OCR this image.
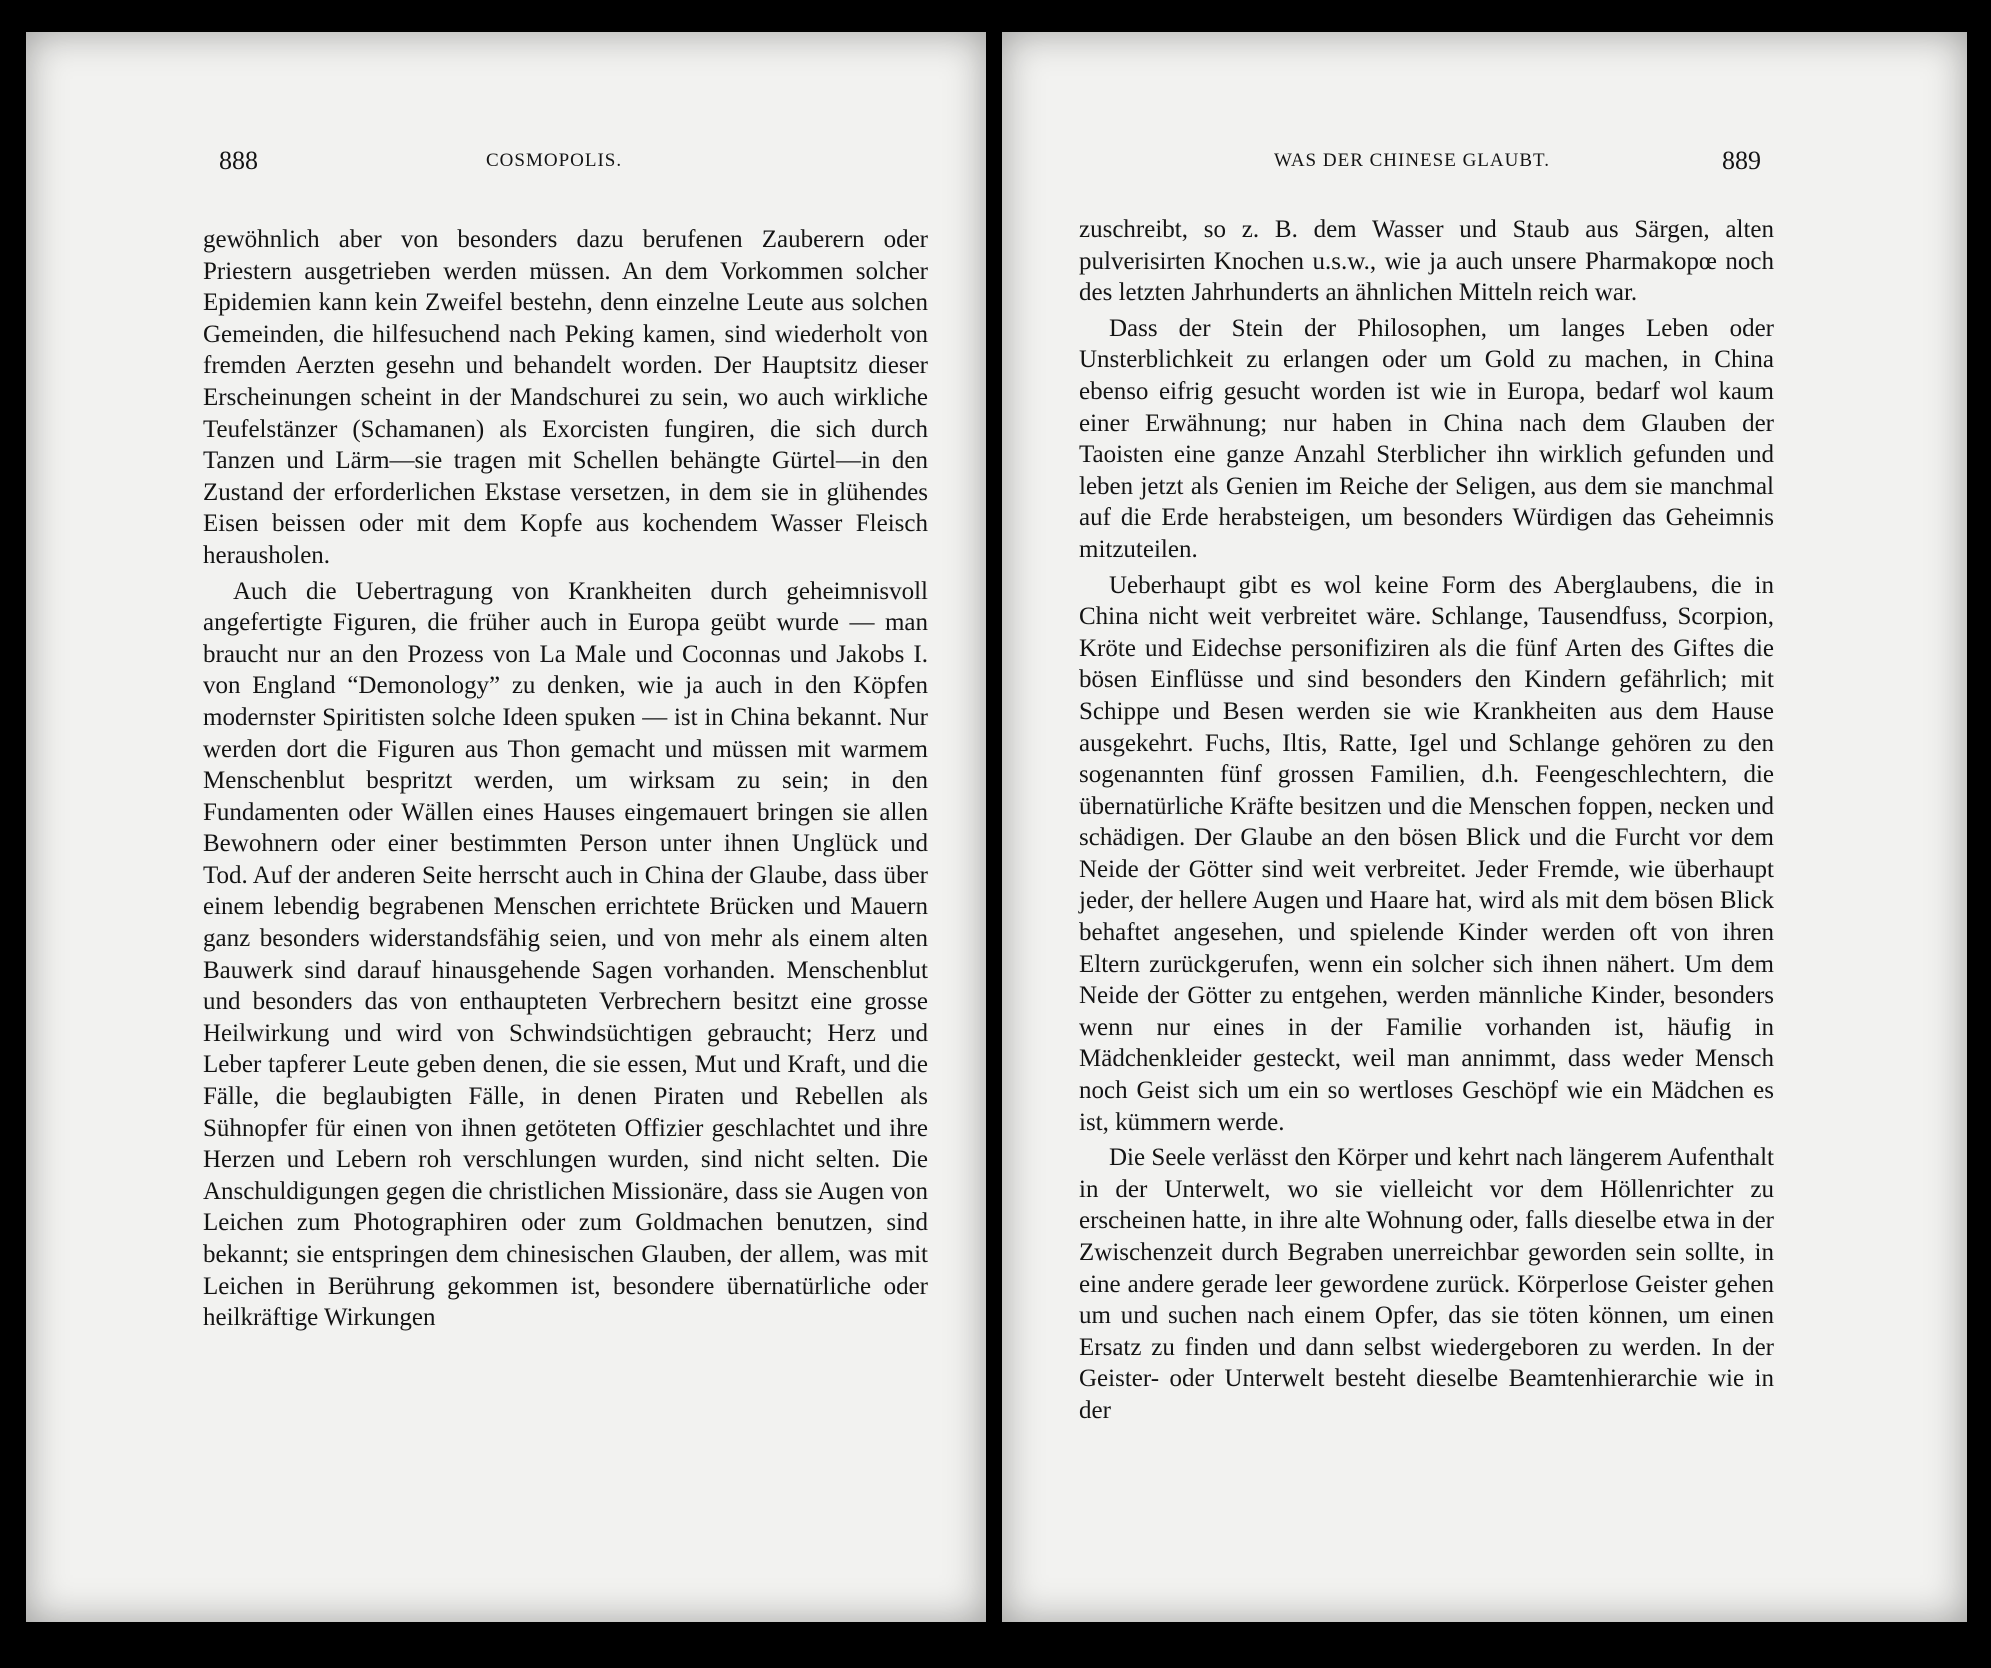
888	COSMOPOLIS.

gewöhnlich aber von besonders dazu berufenen Zauberern oder Priestern ausgetrieben werden müssen. An dem Vorkommen solcher Epidemien kann kein Zweifel bestehn, denn einzelne Leute aus solchen Gemeinden, die hilfesuchend nach Peking kamen, sind wiederholt von fremden Aerzten gesehn und behandelt worden. Der Hauptsitz dieser Erscheinungen scheint in der Mandschurei zu sein, wo auch wirkliche Teufelstänzer (Schamanen) als Exorcisten fungiren, die sich durch Tanzen und Lärm—sie tragen mit Schellen behängte Gürtel—in den Zustand der erforderlichen Ekstase versetzen, in dem sie in glühendes Eisen beissen oder mit dem Kopfe aus kochendem Wasser Fleisch herausholen.

Auch die Uebertragung von Krankheiten durch geheimnisvoll angefertigte Figuren, die früher auch in Europa geübt wurde — man braucht nur an den Prozess von La Male und Coconnas und Jakobs I. von England “Demonology” zu denken, wie ja auch in den Köpfen modernster Spiritisten solche Ideen spuken — ist in China bekannt. Nur werden dort die Figuren aus Thon gemacht und müssen mit warmem Menschenblut bespritzt werden, um wirksam zu sein; in den Fundamenten oder Wällen eines Hauses eingemauert bringen sie allen Bewohnern oder einer bestimmten Person unter ihnen Unglück und Tod. Auf der anderen Seite herrscht auch in China der Glaube, dass über einem lebendig begrabenen Menschen errichtete Brücken und Mauern ganz besonders widerstandsfähig seien, und von mehr als einem alten Bauwerk sind darauf hinausgehende Sagen vorhanden. Menschenblut und besonders das von enthaupteten Verbrechern besitzt eine grosse Heilwirkung und wird von Schwindsüchtigen gebraucht; Herz und Leber tapferer Leute geben denen, die sie essen, Mut und Kraft, und die Fälle, die beglaubigten Fälle, in denen Piraten und Rebellen als Sühnopfer für einen von ihnen getöteten Offizier geschlachtet und ihre Herzen und Lebern roh verschlungen wurden, sind nicht selten. Die Anschuldigungen gegen die christlichen Missionäre, dass sie Augen von Leichen zum Photographiren oder zum Goldmachen benutzen, sind bekannt; sie entspringen dem chinesischen Glauben, der allem, was mit Leichen in Berührung gekommen ist, besondere übernatürliche oder heilkräftige Wirkungen

WAS DER CHINESE GLAUBT.	889

zuschreibt, so z. B. dem Wasser und Staub aus Särgen, alten pulverisirten Knochen u.s.w., wie ja auch unsere Pharmakopœ noch des letzten Jahrhunderts an ähnlichen Mitteln reich war.

Dass der Stein der Philosophen, um langes Leben oder Unsterblichkeit zu erlangen oder um Gold zu machen, in China ebenso eifrig gesucht worden ist wie in Europa, bedarf wol kaum einer Erwähnung; nur haben in China nach dem Glauben der Taoisten eine ganze Anzahl Sterblicher ihn wirklich gefunden und leben jetzt als Genien im Reiche der Seligen, aus dem sie manchmal auf die Erde herabsteigen, um besonders Würdigen das Geheimnis mitzuteilen.

Ueberhaupt gibt es wol keine Form des Aberglaubens, die in China nicht weit verbreitet wäre. Schlange, Tausendfuss, Scorpion, Kröte und Eidechse personifiziren als die fünf Arten des Giftes die bösen Einflüsse und sind besonders den Kindern gefährlich; mit Schippe und Besen werden sie wie Krankheiten aus dem Hause ausgekehrt. Fuchs, Iltis, Ratte, Igel und Schlange gehören zu den sogenannten fünf grossen Familien, d.h. Feengeschlechtern, die übernatürliche Kräfte besitzen und die Menschen foppen, necken und schädigen. Der Glaube an den bösen Blick und die Furcht vor dem Neide der Götter sind weit verbreitet. Jeder Fremde, wie überhaupt jeder, der hellere Augen und Haare hat, wird als mit dem bösen Blick behaftet angesehen, und spielende Kinder werden oft von ihren Eltern zurückgerufen, wenn ein solcher sich ihnen nähert. Um dem Neide der Götter zu entgehen, werden männliche Kinder, besonders wenn nur eines in der Familie vorhanden ist, häufig in Mädchenkleider gesteckt, weil man annimmt, dass weder Mensch noch Geist sich um ein so wertloses Geschöpf wie ein Mädchen es ist, kümmern werde.

Die Seele verlässt den Körper und kehrt nach längerem Aufenthalt in der Unterwelt, wo sie vielleicht vor dem Höllenrichter zu erscheinen hatte, in ihre alte Wohnung oder, falls dieselbe etwa in der Zwischenzeit durch Begraben unerreichbar geworden sein sollte, in eine andere gerade leer gewordene zurück. Körperlose Geister gehen um und suchen nach einem Opfer, das sie töten können, um einen Ersatz zu finden und dann selbst wiedergeboren zu werden. In der Geister- oder Unterwelt besteht dieselbe Beamtenhierarchie wie in der
